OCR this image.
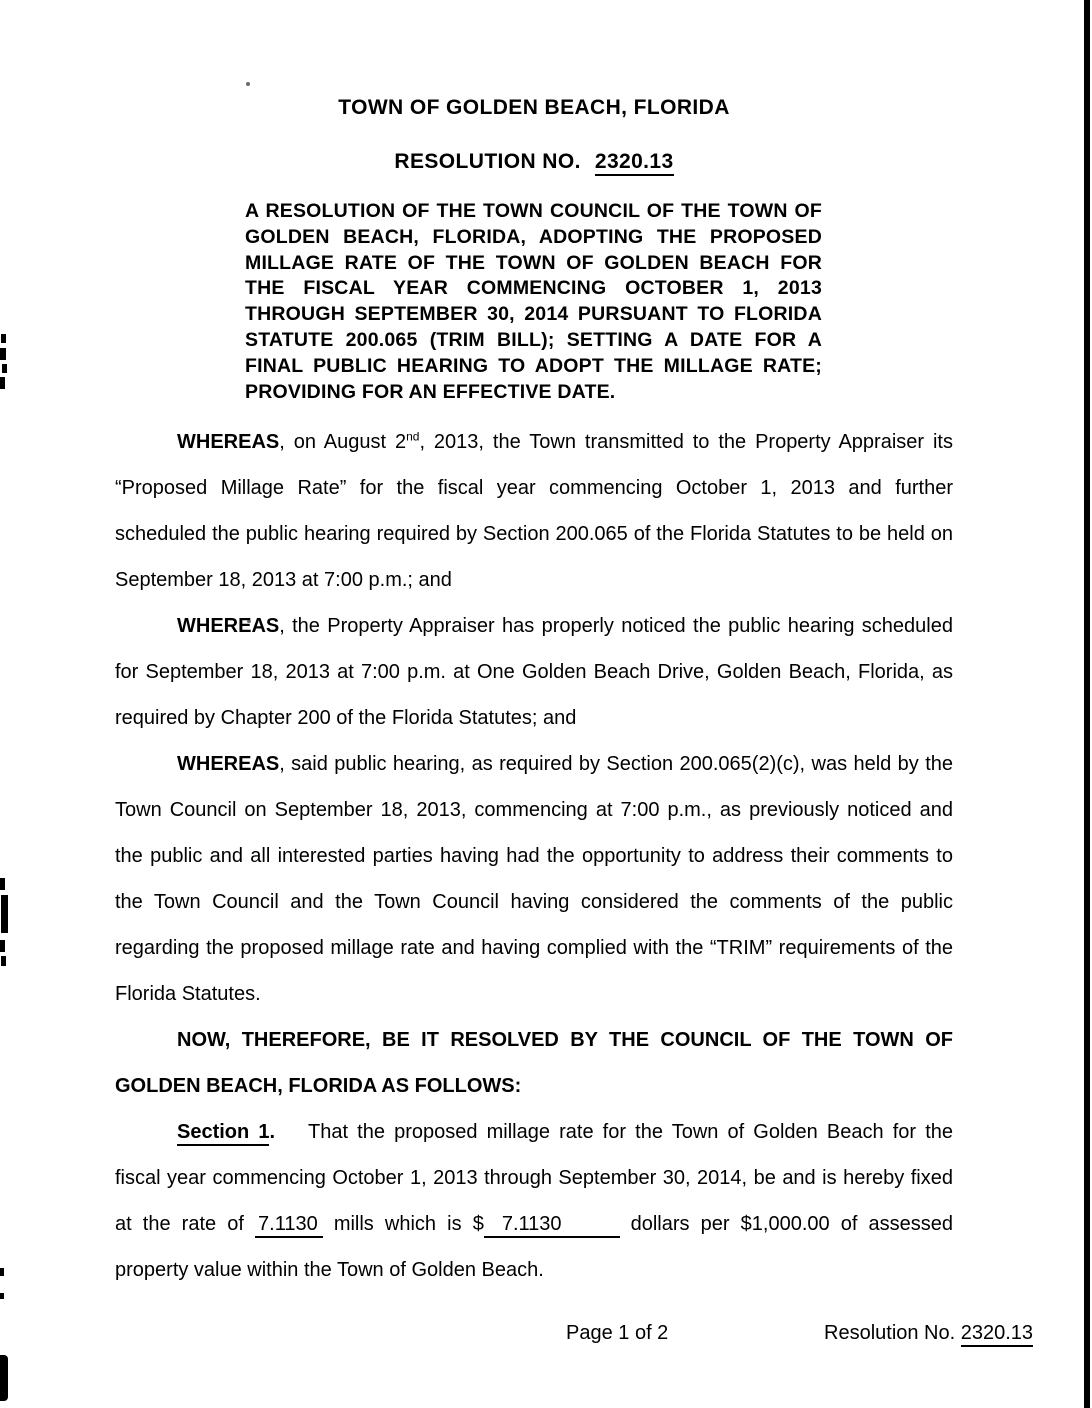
TOWN OF GOLDEN BEACH, FLORIDA
RESOLUTION NO. 2320.13

A RESOLUTION OF THE TOWN COUNCIL OF THE TOWN OF GOLDEN BEACH, FLORIDA, ADOPTING THE PROPOSED MILLAGE RATE OF THE TOWN OF GOLDEN BEACH FOR THE FISCAL YEAR COMMENCING OCTOBER 1, 2013 THROUGH SEPTEMBER 30, 2014 PURSUANT TO FLORIDA STATUTE 200.065 (TRIM BILL); SETTING A DATE FOR A FINAL PUBLIC HEARING TO ADOPT THE MILLAGE RATE; PROVIDING FOR AN EFFECTIVE DATE.

WHEREAS, on August 2nd, 2013, the Town transmitted to the Property Appraiser its “Proposed Millage Rate” for the fiscal year commencing October 1, 2013 and further scheduled the public hearing required by Section 200.065 of the Florida Statutes to be held on September 18, 2013 at 7:00 p.m.; and

WHEREAS, the Property Appraiser has properly noticed the public hearing scheduled for September 18, 2013 at 7:00 p.m. at One Golden Beach Drive, Golden Beach, Florida, as required by Chapter 200 of the Florida Statutes; and

WHEREAS, said public hearing, as required by Section 200.065(2)(c), was held by the Town Council on September 18, 2013, commencing at 7:00 p.m., as previously noticed and the public and all interested parties having had the opportunity to address their comments to the Town Council and the Town Council having considered the comments of the public regarding the proposed millage rate and having complied with the “TRIM” requirements of the Florida Statutes.

NOW, THEREFORE, BE IT RESOLVED BY THE COUNCIL OF THE TOWN OF GOLDEN BEACH, FLORIDA AS FOLLOWS:

Section 1. That the proposed millage rate for the Town of Golden Beach for the fiscal year commencing October 1, 2013 through September 30, 2014, be and is hereby fixed at the rate of 7.1130 mills which is $ 7.1130	dollars per $1,000.00 of assessed property value within the Town of Golden Beach.

Page 1 of 2	Resolution No. 2320.13
